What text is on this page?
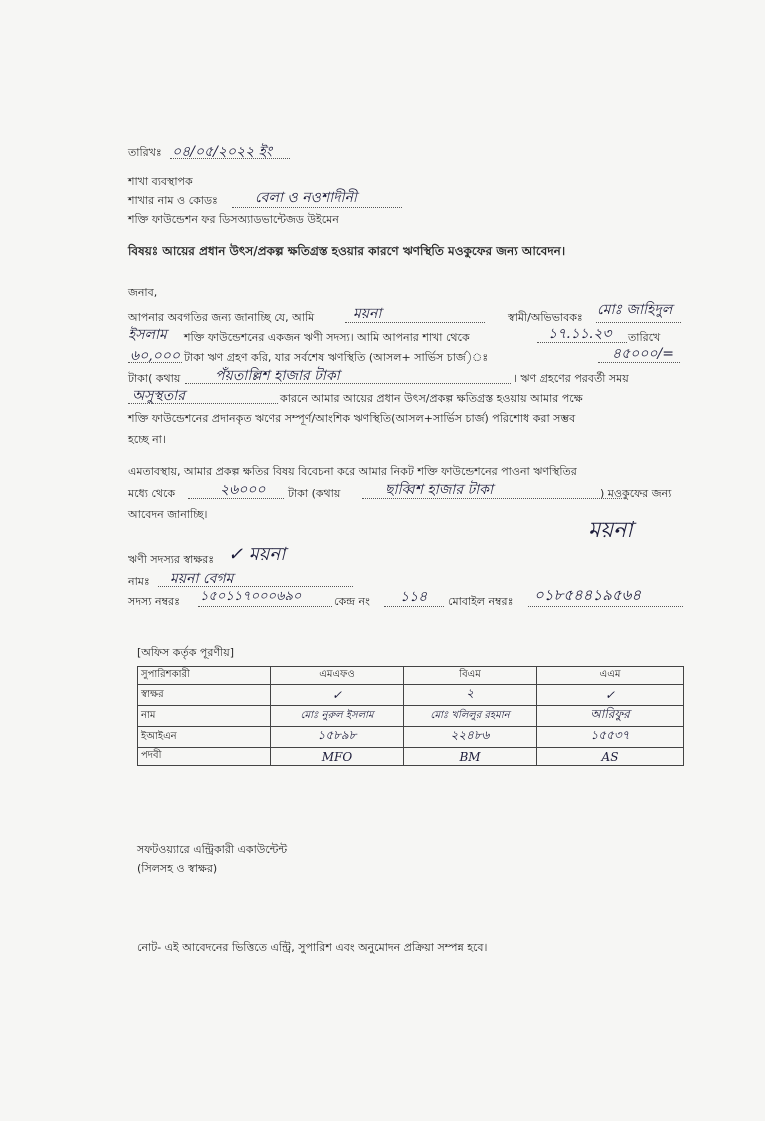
তারিখঃ ০৪/০৫/২০২২ ইং
শাখা ব্যবস্থাপক
শাখার নাম ও কোডঃ	বেলা ও নওশাদীনী
শক্তি ফাউন্ডেশন ফর ডিসঅ্যাডভান্টেজড উইমেন
বিষয়ঃ আয়ের প্রধান উৎস/প্রকল্প ক্ষতিগ্রস্ত হওয়ার কারণে ঋণস্থিতি মওকুফের জন্য আবেদন।
জনাব,
আপনার অবগতির জন্য জানাচ্ছি যে, আমি	ময়না	স্বামী/অভিভাবকঃ মোঃ জাহিদুল
ইসলাম শক্তি ফাউন্ডেশনের একজন ঋণী সদস্য। আমি আপনার শাখা থেকে	১৭.১১.২৩ তারিখে
৬০,০০০ টাকা ঋণ গ্রহণ করি, যার সর্বশেষ ঋণস্থিতি (আসল+ সার্ভিস চার্জ)ঃ	৪৫০০০/=
টাকা( কথায় পঁয়তাল্লিশ হাজার টাকা	। ঋণ গ্রহণের পরবর্তী সময়
অসুস্থতার	কারনে আমার আয়ের প্রধান উৎস/প্রকল্প ক্ষতিগ্রস্ত হওয়ায় আমার পক্ষে
শক্তি ফাউন্ডেশনের প্রদানকৃত ঋণের সম্পূর্ণ/আংশিক ঋণস্থিতি(আসল+সার্ভিস চার্জ) পরিশোধ করা সম্ভব
হচ্ছে না।
এমতাবস্থায়, আমার প্রকল্প ক্ষতির বিষয় বিবেচনা করে আমার নিকট শক্তি ফাউন্ডেশনের পাওনা ঋণস্থিতির
মধ্যে থেকে	২৬০০০ টাকা (কথায়	ছাব্বিশ হাজার টাকা	) মওকুফের জন্য
আবেদন জানাচ্ছি।
ময়না
ঋণী সদস্যর স্বাক্ষরঃ ✓ ময়না
নামঃ ময়না বেগম
সদস্য নম্বরঃ ১৫০১১৭০০০৬৯০	কেন্দ্র নং ১১৪ মোবাইল নম্বরঃ ০১৮৫৪৪১৯৫৬৪
[অফিস কর্তৃক পূরণীয়]
সুপারিশকারী	এমএফও	বিএম	এএম
স্বাক্ষর	✓	২	✓
নাম	মোঃ নুরুল ইসলাম	মোঃ খলিলুর রহমান	আরিফুর
ইআইএন	১৫৮৯৮	২২৪৮৬	১৫৫৩৭
পদবী	MFO	BM	AS
সফটওয়্যারে এন্ট্রিকারী একাউন্টেন্ট
(সিলসহ ও স্বাক্ষর)
নোট- এই আবেদনের ভিত্তিতে এন্ট্রি, সুপারিশ এবং অনুমোদন প্রক্রিয়া সম্পন্ন হবে।
